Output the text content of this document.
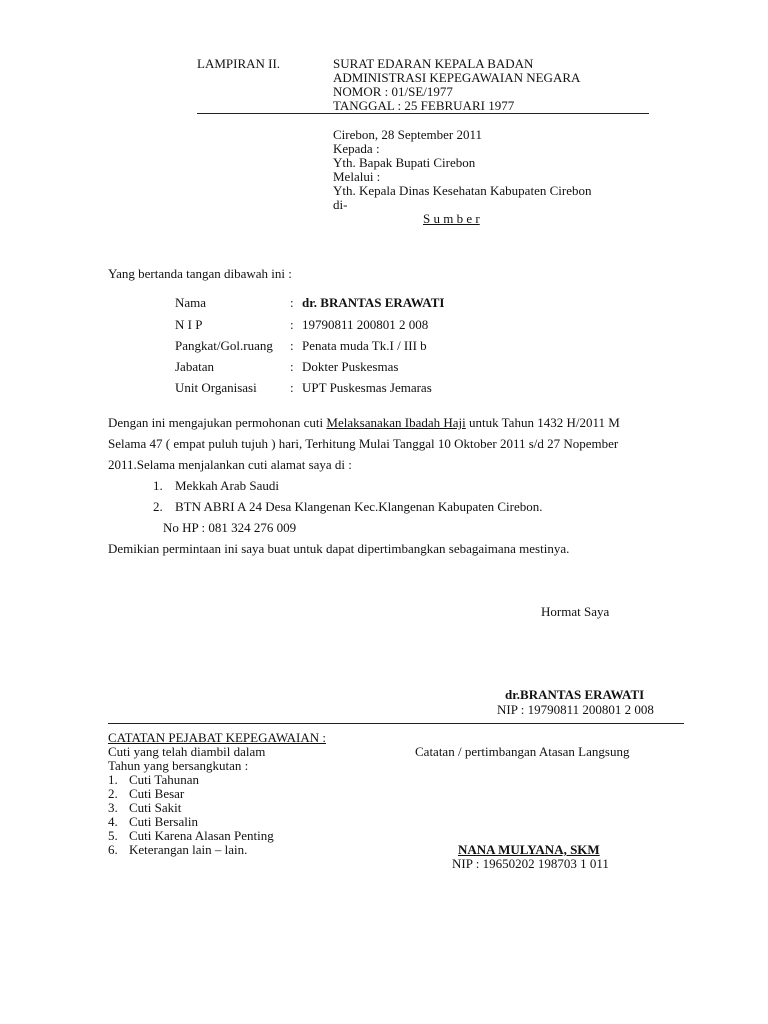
LAMPIRAN II.	SURAT EDARAN KEPALA BADAN
ADMINISTRASI KEPEGAWAIAN NEGARA
NOMOR : 01/SE/1977
TANGGAL : 25 FEBRUARI 1977
Cirebon, 28 September 2011
Kepada :
Yth. Bapak Bupati Cirebon
Melalui :
Yth. Kepala Dinas Kesehatan Kabupaten Cirebon
di-
S u m b e r
Yang bertanda tangan dibawah ini :
Nama	: dr. BRANTAS ERAWATI
N I P	: 19790811 200801 2 008
Pangkat/Gol.ruang : Penata muda Tk.I / III b
Jabatan	: Dokter Puskesmas
Unit Organisasi	: UPT Puskesmas Jemaras
Dengan ini mengajukan permohonan cuti Melaksanakan Ibadah Haji untuk Tahun 1432 H/2011 M
Selama 47 ( empat puluh tujuh ) hari, Terhitung Mulai Tanggal 10 Oktober 2011 s/d 27 Nopember
2011.Selama menjalankan cuti alamat saya di :
1. Mekkah Arab Saudi
2. BTN ABRI A 24 Desa Klangenan Kec.Klangenan Kabupaten Cirebon.
No HP : 081 324 276 009
Demikian permintaan ini saya buat untuk dapat dipertimbangkan sebagaimana mestinya.
Hormat Saya
dr.BRANTAS ERAWATI
NIP : 19790811 200801 2 008
CATATAN PEJABAT KEPEGAWAIAN :
Cuti yang telah diambil dalam	Catatan / pertimbangan Atasan Langsung
Tahun yang bersangkutan :
1. Cuti Tahunan
2. Cuti Besar
3. Cuti Sakit
4. Cuti Bersalin
5. Cuti Karena Alasan Penting
6. Keterangan lain – lain.	NANA MULYANA, SKM
NIP : 19650202 198703 1 011
